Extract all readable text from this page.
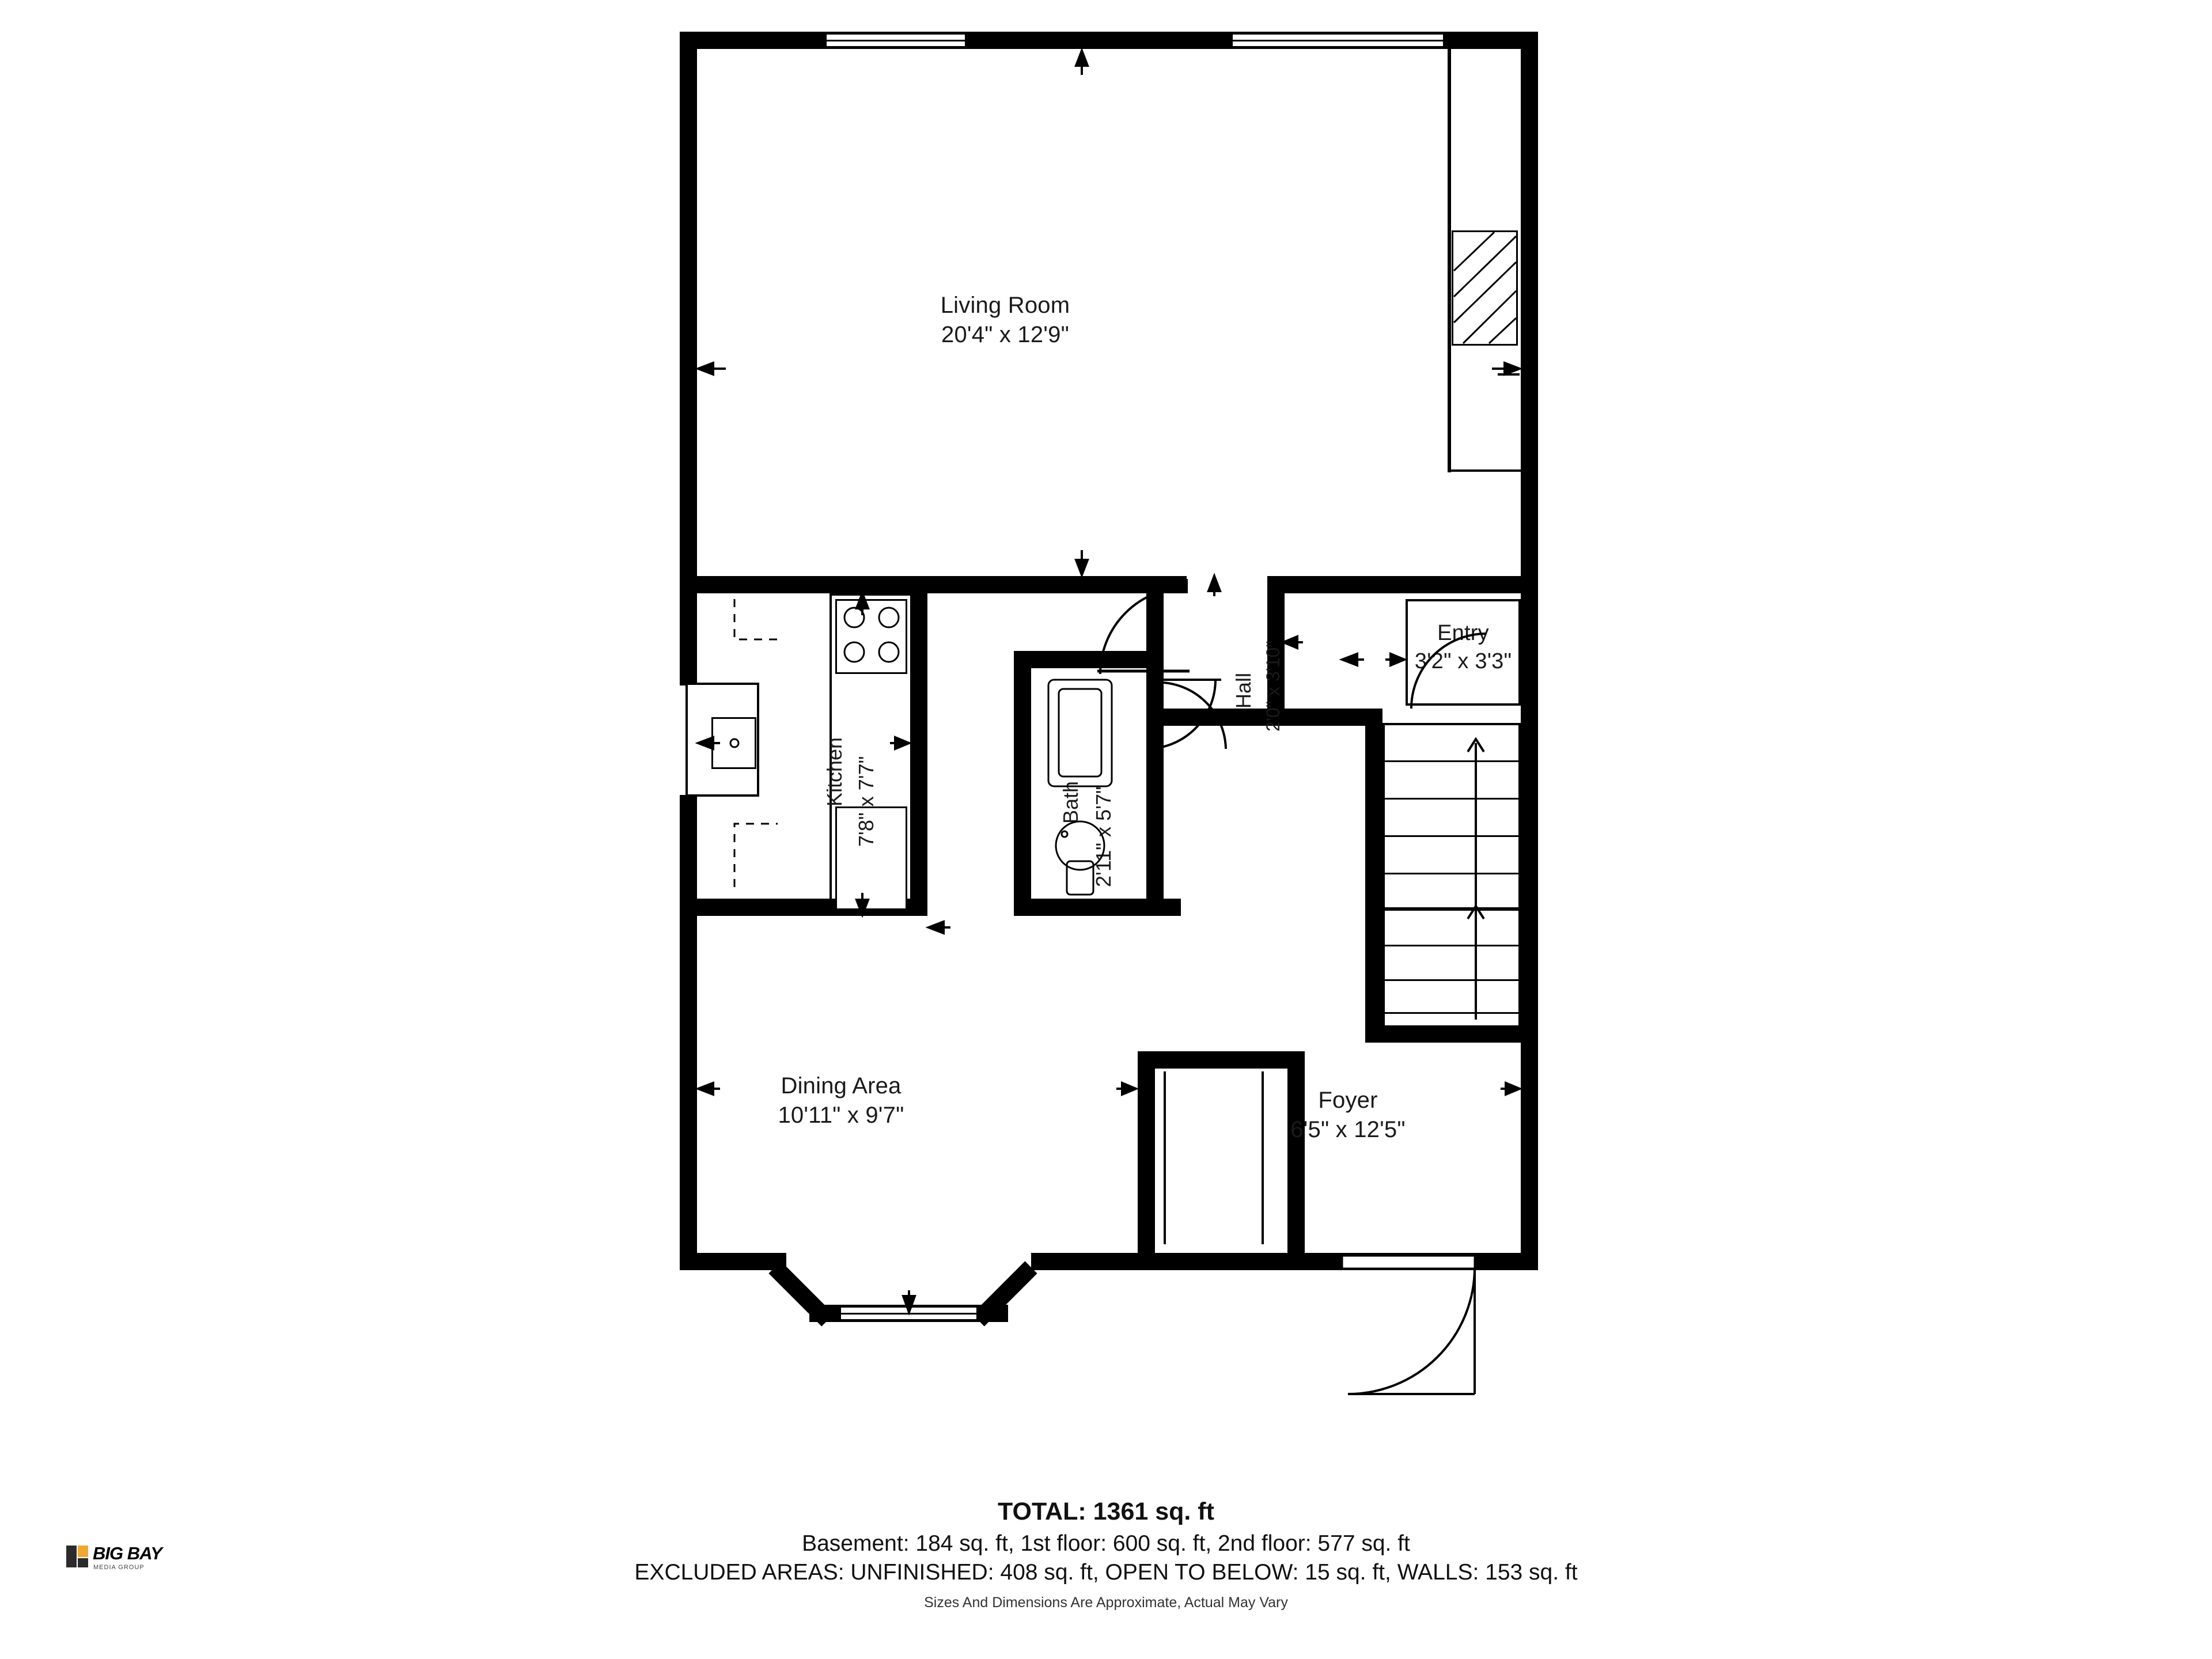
Living Room
20'4" x 12'9"
Entry
3'2" x 3'3"
Dining Area
10'11" x 9'7"
Foyer
6'5" x 12'5"
Kitchen 7'8" x 7'7"	Bath 2'11" x 5'7"
Hall 2'0" x 3'10"
TOTAL: 1361 sq. ft
Basement: 184 sq. ft, 1st floor: 600 sq. ft, 2nd floor: 577 sq. ft
EXCLUDED AREAS: UNFINISHED: 408 sq. ft, OPEN TO BELOW: 15 sq. ft, WALLS: 153 sq. ft
Sizes And Dimensions Are Approximate, Actual May Vary
BIG BAY
MEDIA GROUP
